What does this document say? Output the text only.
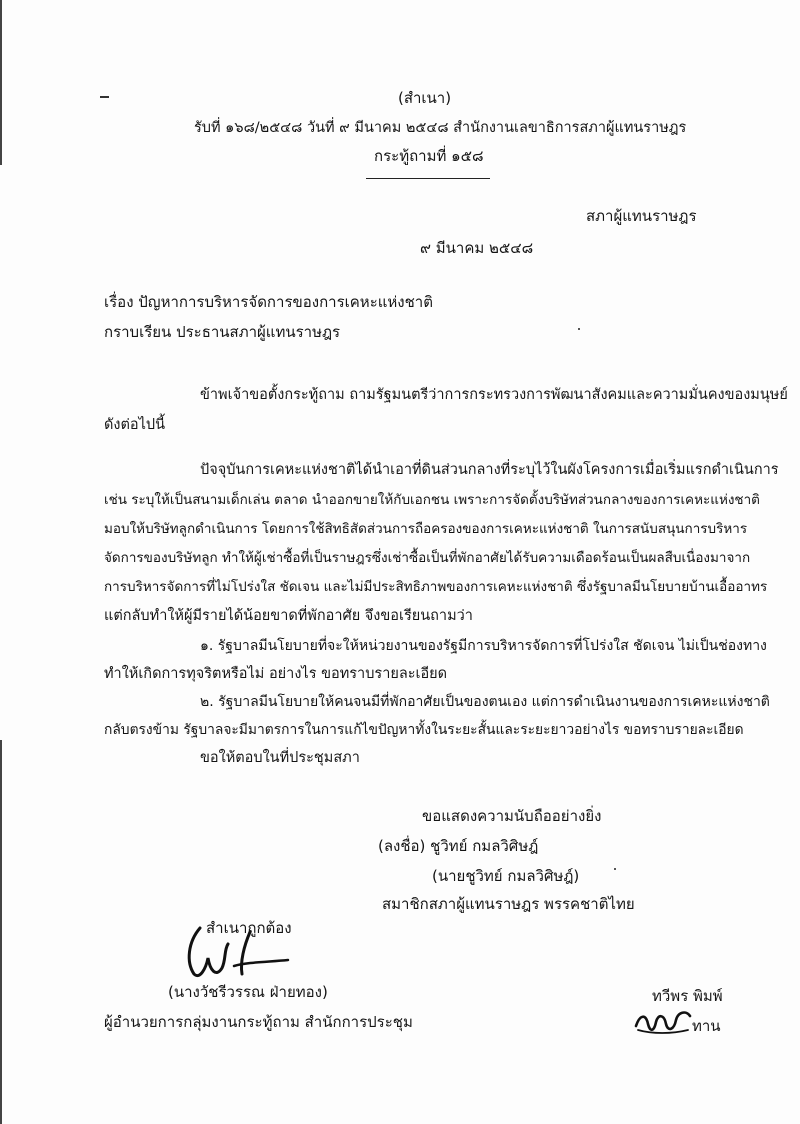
(สำเนา)
รับที่ ๑๖๘/๒๕๔๘ วันที่ ๙ มีนาคม ๒๕๔๘ สำนักงานเลขาธิการสภาผู้แทนราษฎร
กระทู้ถามที่ ๑๕๘
สภาผู้แทนราษฎร
๙ มีนาคม ๒๕๔๘
เรื่อง ปัญหาการบริหารจัดการของการเคหะแห่งชาติ
กราบเรียน ประธานสภาผู้แทนราษฎร
ข้าพเจ้าขอตั้งกระทู้ถาม ถามรัฐมนตรีว่าการกระทรวงการพัฒนาสังคมและความมั่นคงของมนุษย์
ดังต่อไปนี้
ปัจจุบันการเคหะแห่งชาติได้นำเอาที่ดินส่วนกลางที่ระบุไว้ในผังโครงการเมื่อเริ่มแรกดำเนินการ
เช่น ระบุให้เป็นสนามเด็กเล่น ตลาด นำออกขายให้กับเอกชน เพราะการจัดตั้งบริษัทส่วนกลางของการเคหะแห่งชาติ
มอบให้บริษัทลูกดำเนินการ โดยการใช้สิทธิสัดส่วนการถือครองของการเคหะแห่งชาติ ในการสนับสนุนการบริหาร
จัดการของบริษัทลูก ทำให้ผู้เช่าซื้อที่เป็นราษฎรซึ่งเช่าซื้อเป็นที่พักอาศัยได้รับความเดือดร้อนเป็นผลสืบเนื่องมาจาก
การบริหารจัดการที่ไม่โปร่งใส ชัดเจน และไม่มีประสิทธิภาพของการเคหะแห่งชาติ ซึ่งรัฐบาลมีนโยบายบ้านเอื้ออาทร
แต่กลับทำให้ผู้มีรายได้น้อยขาดที่พักอาศัย จึงขอเรียนถามว่า
๑. รัฐบาลมีนโยบายที่จะให้หน่วยงานของรัฐมีการบริหารจัดการที่โปร่งใส ชัดเจน ไม่เป็นช่องทาง
ทำให้เกิดการทุจริตหรือไม่ อย่างไร ขอทราบรายละเอียด
๒. รัฐบาลมีนโยบายให้คนจนมีที่พักอาศัยเป็นของตนเอง แต่การดำเนินงานของการเคหะแห่งชาติ
กลับตรงข้าม รัฐบาลจะมีมาตรการในการแก้ไขปัญหาทั้งในระยะสั้นและระยะยาวอย่างไร ขอทราบรายละเอียด
ขอให้ตอบในที่ประชุมสภา
ขอแสดงความนับถืออย่างยิ่ง
(ลงชื่อ) ชูวิทย์ กมลวิศิษฎ์
(นายชูวิทย์ กมลวิศิษฎ์)
สมาชิกสภาผู้แทนราษฎร พรรคชาติไทย
สำเนาถูกต้อง
(นางวัชรีวรรณ ฝ่ายทอง)
ผู้อำนวยการกลุ่มงานกระทู้ถาม สำนักการประชุม
ทวีพร พิมพ์
ทาน
